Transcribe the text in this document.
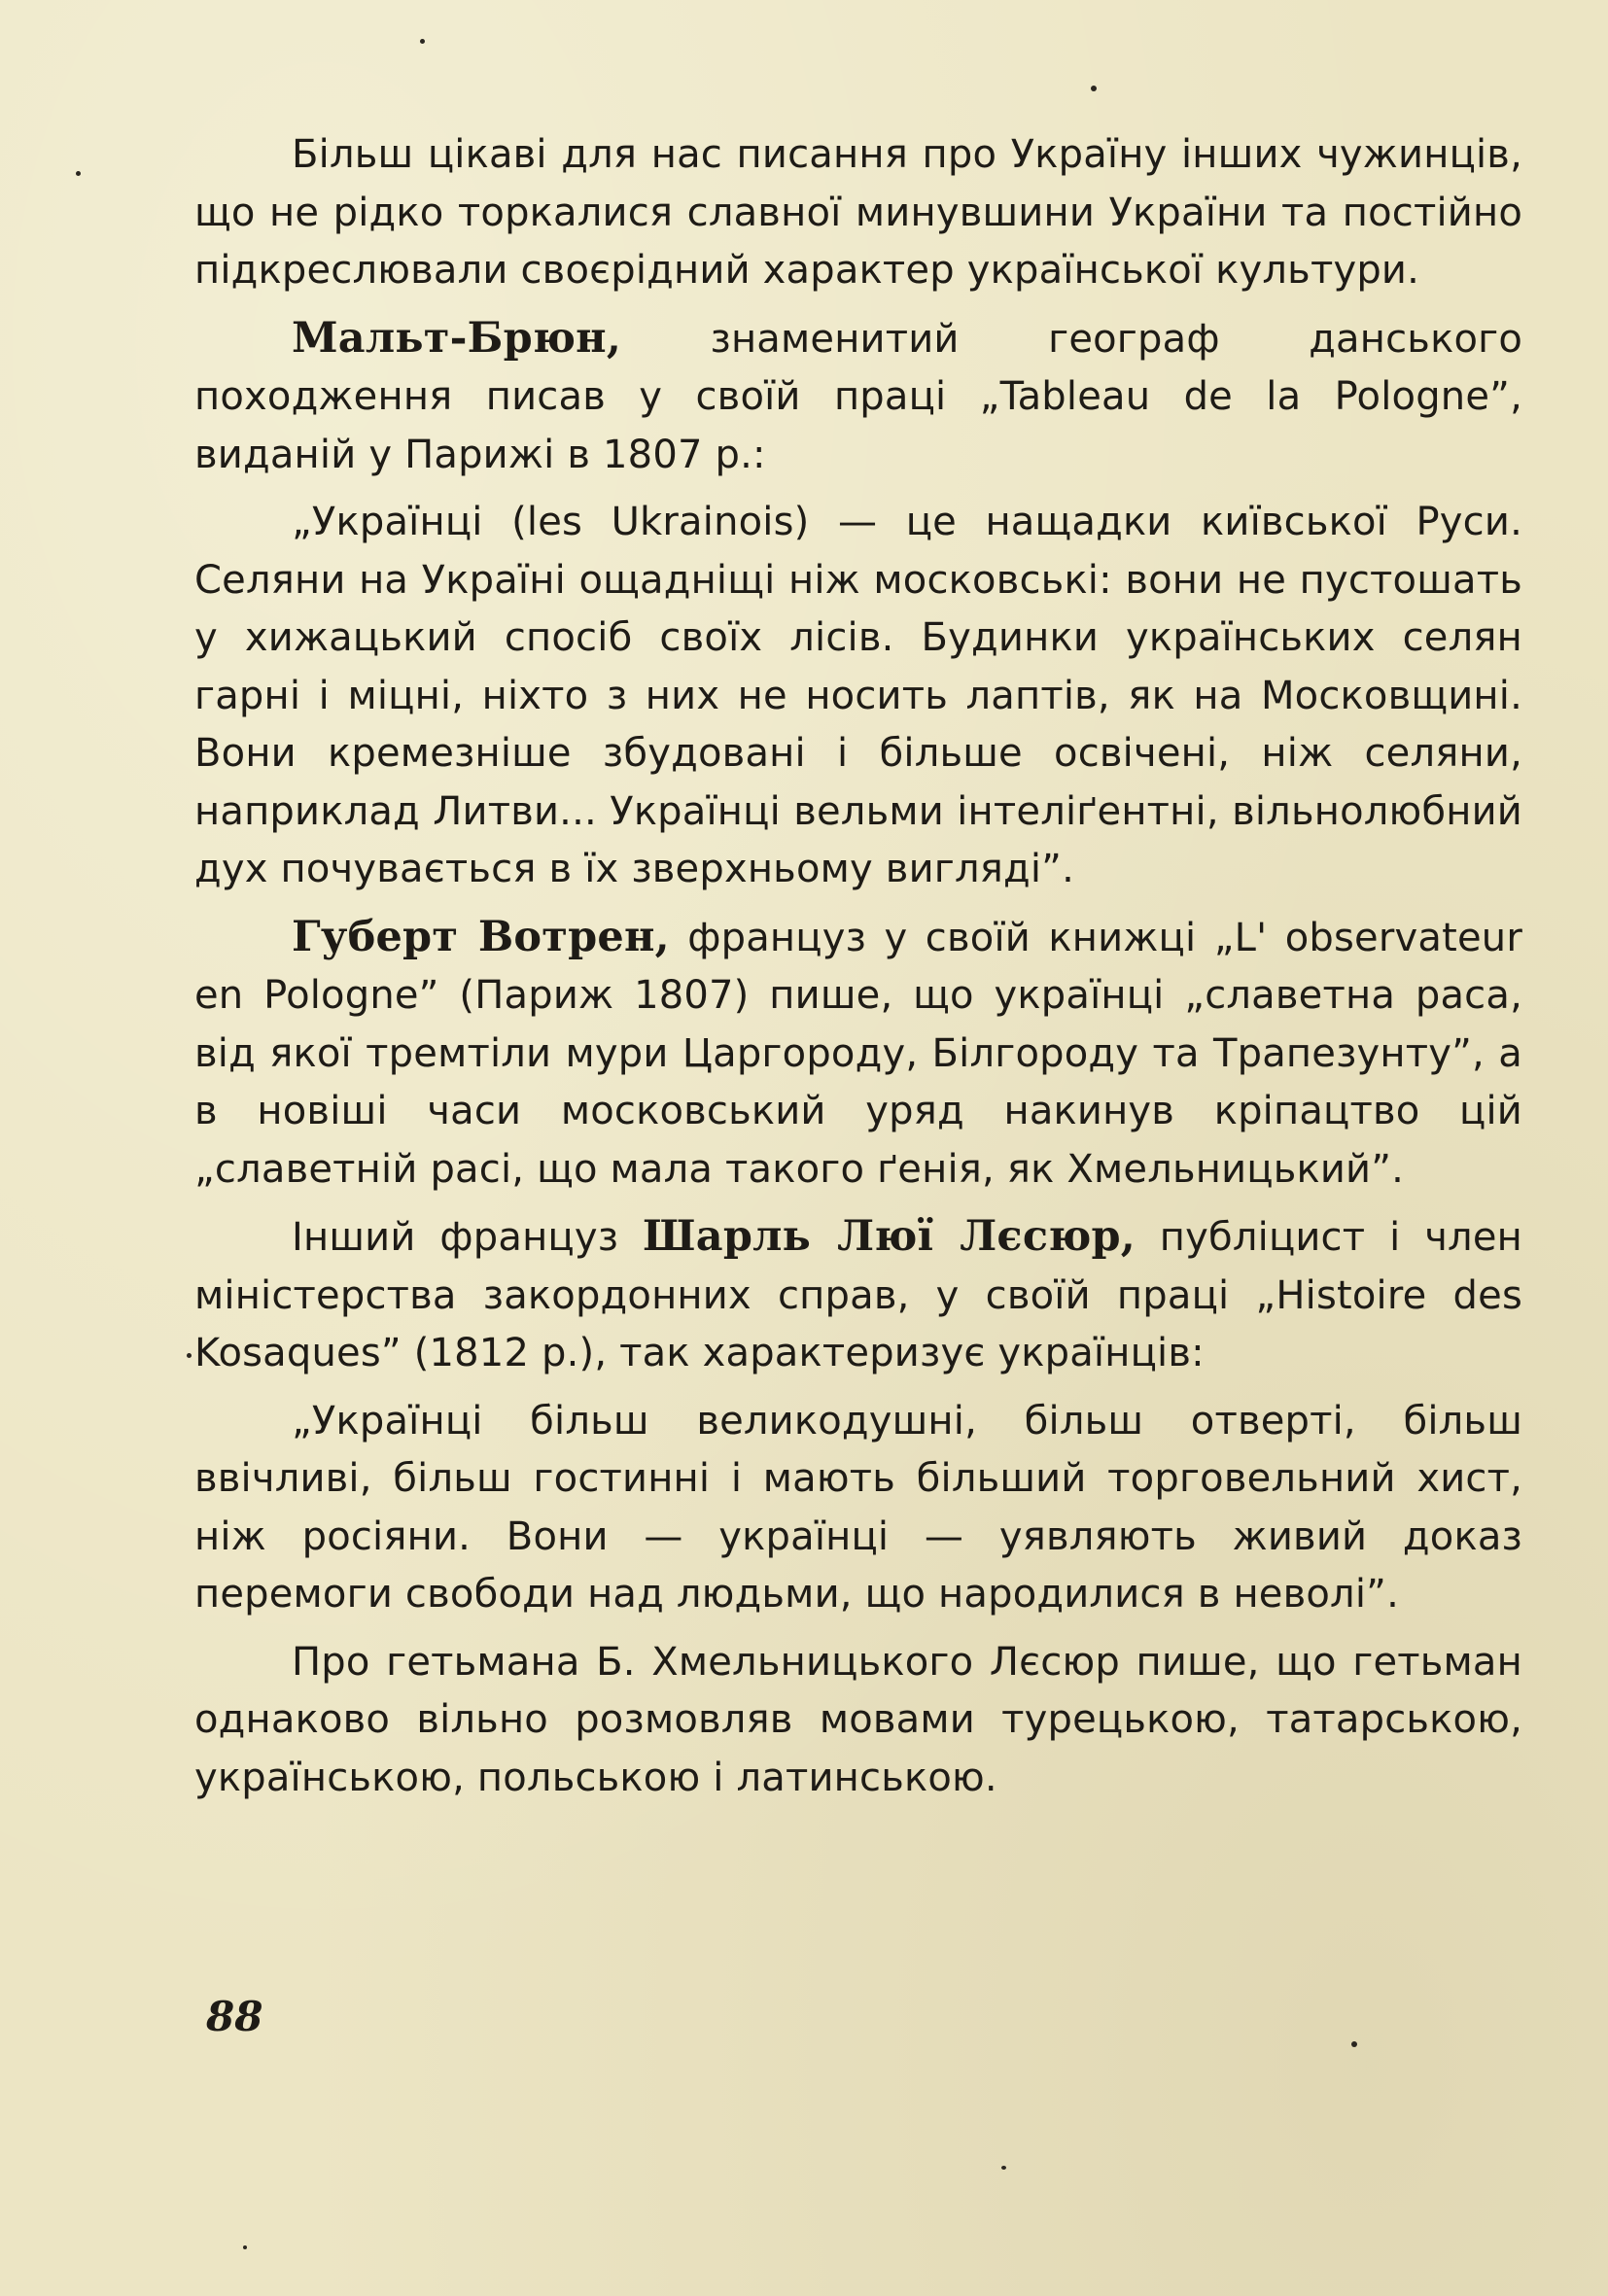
Більш цікаві для нас писання про Україну інших чужинців, що не рідко торкалися славної минувшини України та постійно підкреслювали своєрідний характер української культури.

Мальт-Брюн, знаменитий географ данського походження писав у своїй праці „Tableau de la Pologne”, виданій у Парижі в 1807 р.:

„Українці (les Ukrainois) — це нащадки київської Руси. Селяни на Україні ощадніщі ніж московські: вони не пустошать у хижацький спосіб своїх лісів. Будинки українських селян гарні і міцні, ніхто з них не носить лаптів, як на Московщині. Вони кремезніше збудовані і більше освічені, ніж селяни, наприклад Литви... Українці вельми інтеліґентні, вільнолюбний дух почувається в їх зверхньому вигляді”.

Губерт Вотрен, француз у своїй книжці „L' observateur en Pologne” (Париж 1807) пише, що українці „славетна раса, від якої тремтіли мури Царгороду, Білгороду та Трапезунту”, а в новіші часи московський уряд накинув кріпацтво цій „славетній расі, що мала такого ґенія, як Хмельницький”.

Інший француз Шарль Люї Лєсюр, публіцист і член міністерства закордонних справ, у своїй праці „Histoire des Kosaques” (1812 р.), так характеризує українців:

„Українці більш великодушні, більш отверті, більш ввічливі, більш гостинні і мають більший торговельний хист, ніж росіяни. Вони — українці — уявляють живий доказ перемоги свободи над людьми, що народилися в неволі”.

Про гетьмана Б. Хмельницького Лєсюр пише, що гетьман однаково вільно розмовляв мовами турецькою, татарською, українською, польською і латинською.

88
